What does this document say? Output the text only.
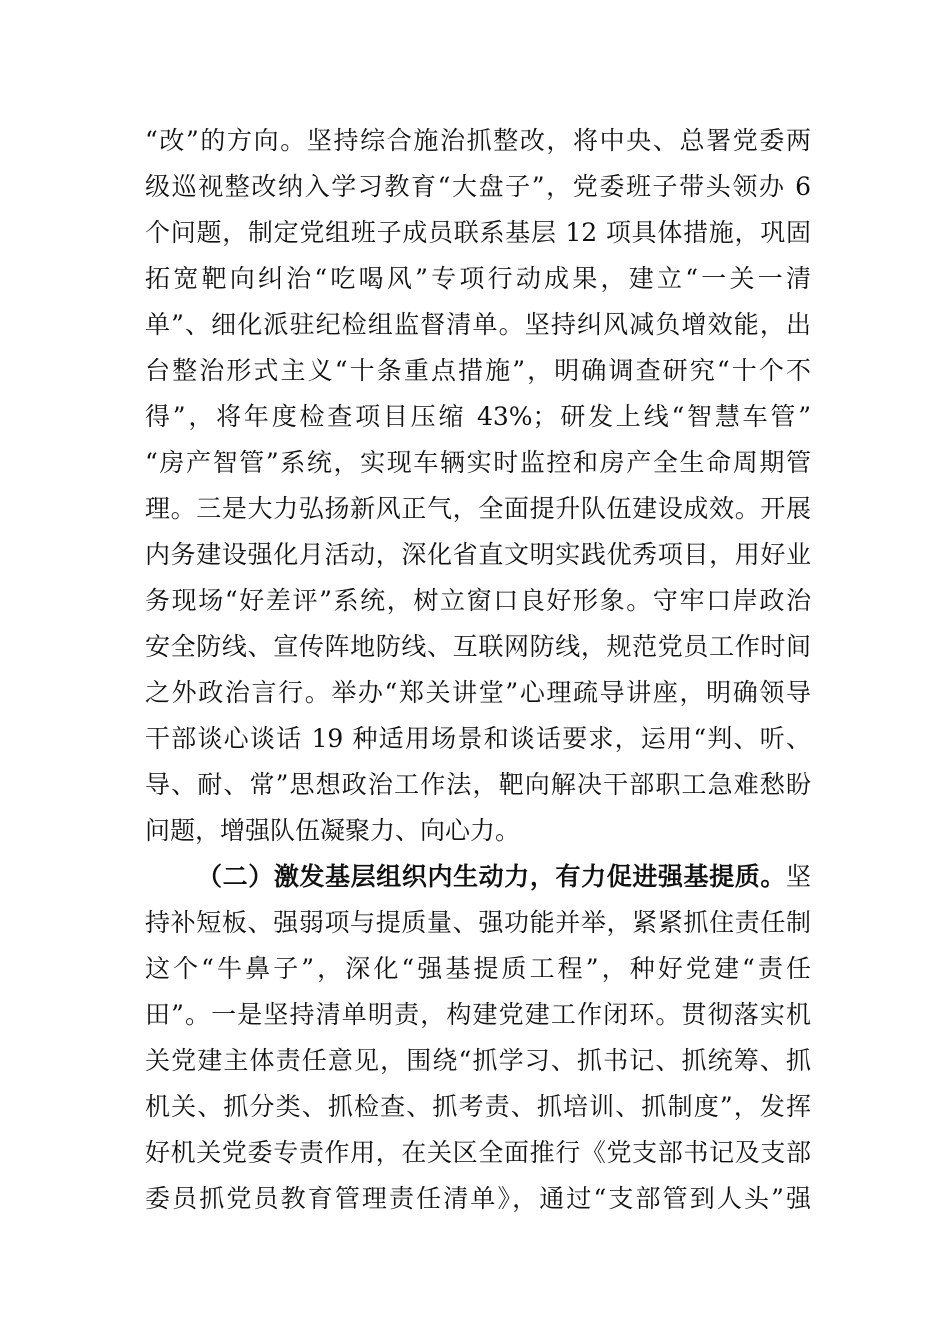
“改”的方向。坚持综合施治抓整改，将中央、总署党委两
级巡视整改纳入学习教育“大盘子”，党委班子带头领办 6
个问题，制定党组班子成员联系基层 12 项具体措施，巩固
拓宽靶向纠治“吃喝风”专项行动成果，建立“一关一清
单”、细化派驻纪检组监督清单。坚持纠风减负增效能，出
台整治形式主义“十条重点措施”，明确调查研究“十个不
得”，将年度检查项目压缩 43%；研发上线“智慧车管”
“房产智管”系统，实现车辆实时监控和房产全生命周期管
理。三是大力弘扬新风正气，全面提升队伍建设成效。开展
内务建设强化月活动，深化省直文明实践优秀项目，用好业
务现场“好差评”系统，树立窗口良好形象。守牢口岸政治
安全防线、宣传阵地防线、互联网防线，规范党员工作时间
之外政治言行。举办“郑关讲堂”心理疏导讲座，明确领导
干部谈心谈话 19 种适用场景和谈话要求，运用“判、听、
导、耐、常”思想政治工作法，靶向解决干部职工急难愁盼
问题，增强队伍凝聚力、向心力。
（二）激发基层组织内生动力，有力促进强基提质。坚
持补短板、强弱项与提质量、强功能并举，紧紧抓住责任制
这个“牛鼻子”，深化“强基提质工程”，种好党建“责任
田”。一是坚持清单明责，构建党建工作闭环。贯彻落实机
关党建主体责任意见，围绕“抓学习、抓书记、抓统筹、抓
机关、抓分类、抓检查、抓考责、抓培训、抓制度”，发挥
好机关党委专责作用，在关区全面推行《党支部书记及支部
委员抓党员教育管理责任清单》，通过“支部管到人头”强
